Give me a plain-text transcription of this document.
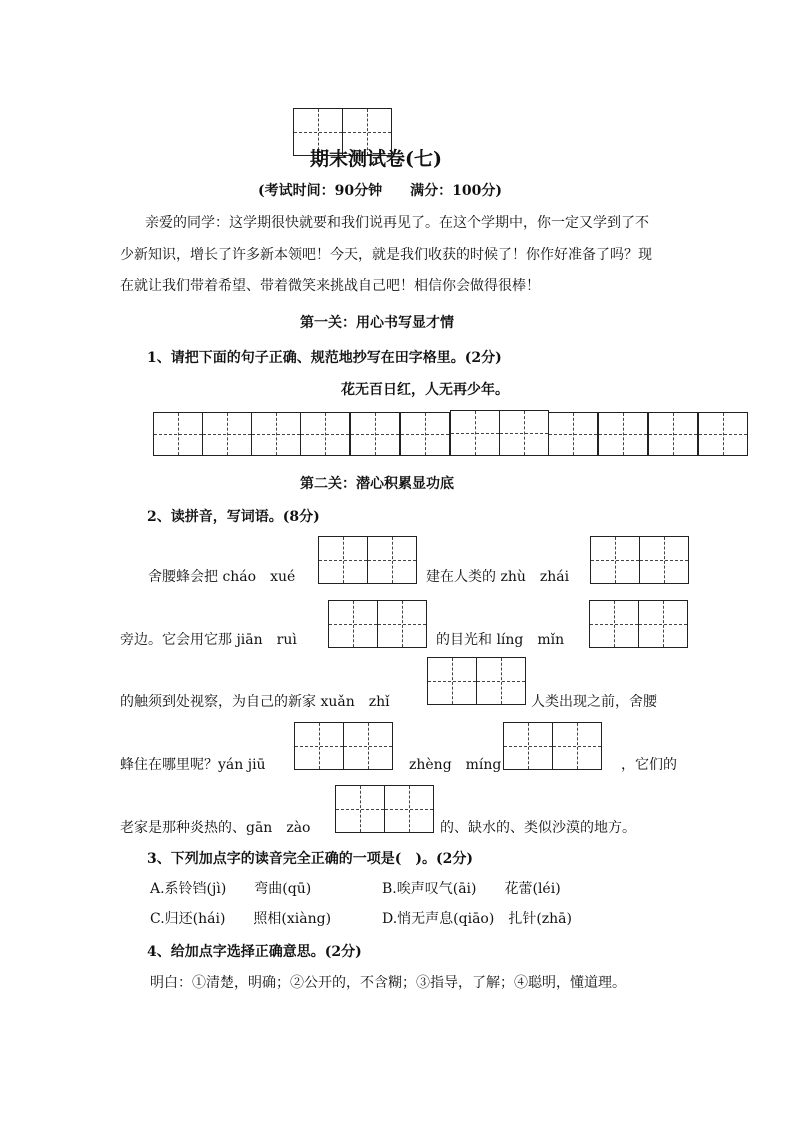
期末测试卷(七)
(考试时间：90分钟　　满分：100分)
亲爱的同学：这学期很快就要和我们说再见了。在这个学期中，你一定又学到了不
少新知识，增长了许多新本领吧！今天，就是我们收获的时候了！你作好准备了吗？现
在就让我们带着希望、带着微笑来挑战自己吧！相信你会做得很棒！
第一关：用心书写显才情
1、请把下面的句子正确、规范地抄写在田字格里。(2分)
花无百日红，人无再少年。
第二关：潜心积累显功底
2、读拼音，写词语。(8分)
舍腰蜂会把 cháo　xué	建在人类的 zhù　zhái
旁边。它会用它那 jiān　ruì	的目光和 líng　mǐn
的触须到处视察，为自己的新家 xuǎn　zhǐ	人类出现之前，舍腰
蜂住在哪里呢？yán jiū	zhèng　míng	，它们的
老家是那种炎热的、gān　zào	的、缺水的、类似沙漠的地方。
3、下列加点字的读音完全正确的一项是(　)。(2分)
A.系铃铛(jì)　　弯曲(qū)	B.唉声叹气(āi)　　花蕾(léi)
C.归还(hái)　　照相(xiàng)	D.悄无声息(qiāo)　扎针(zhā)
4、给加点字选择正确意思。(2分)
明白：①清楚，明确；②公开的，不含糊；③指导，了解；④聪明，懂道理。
